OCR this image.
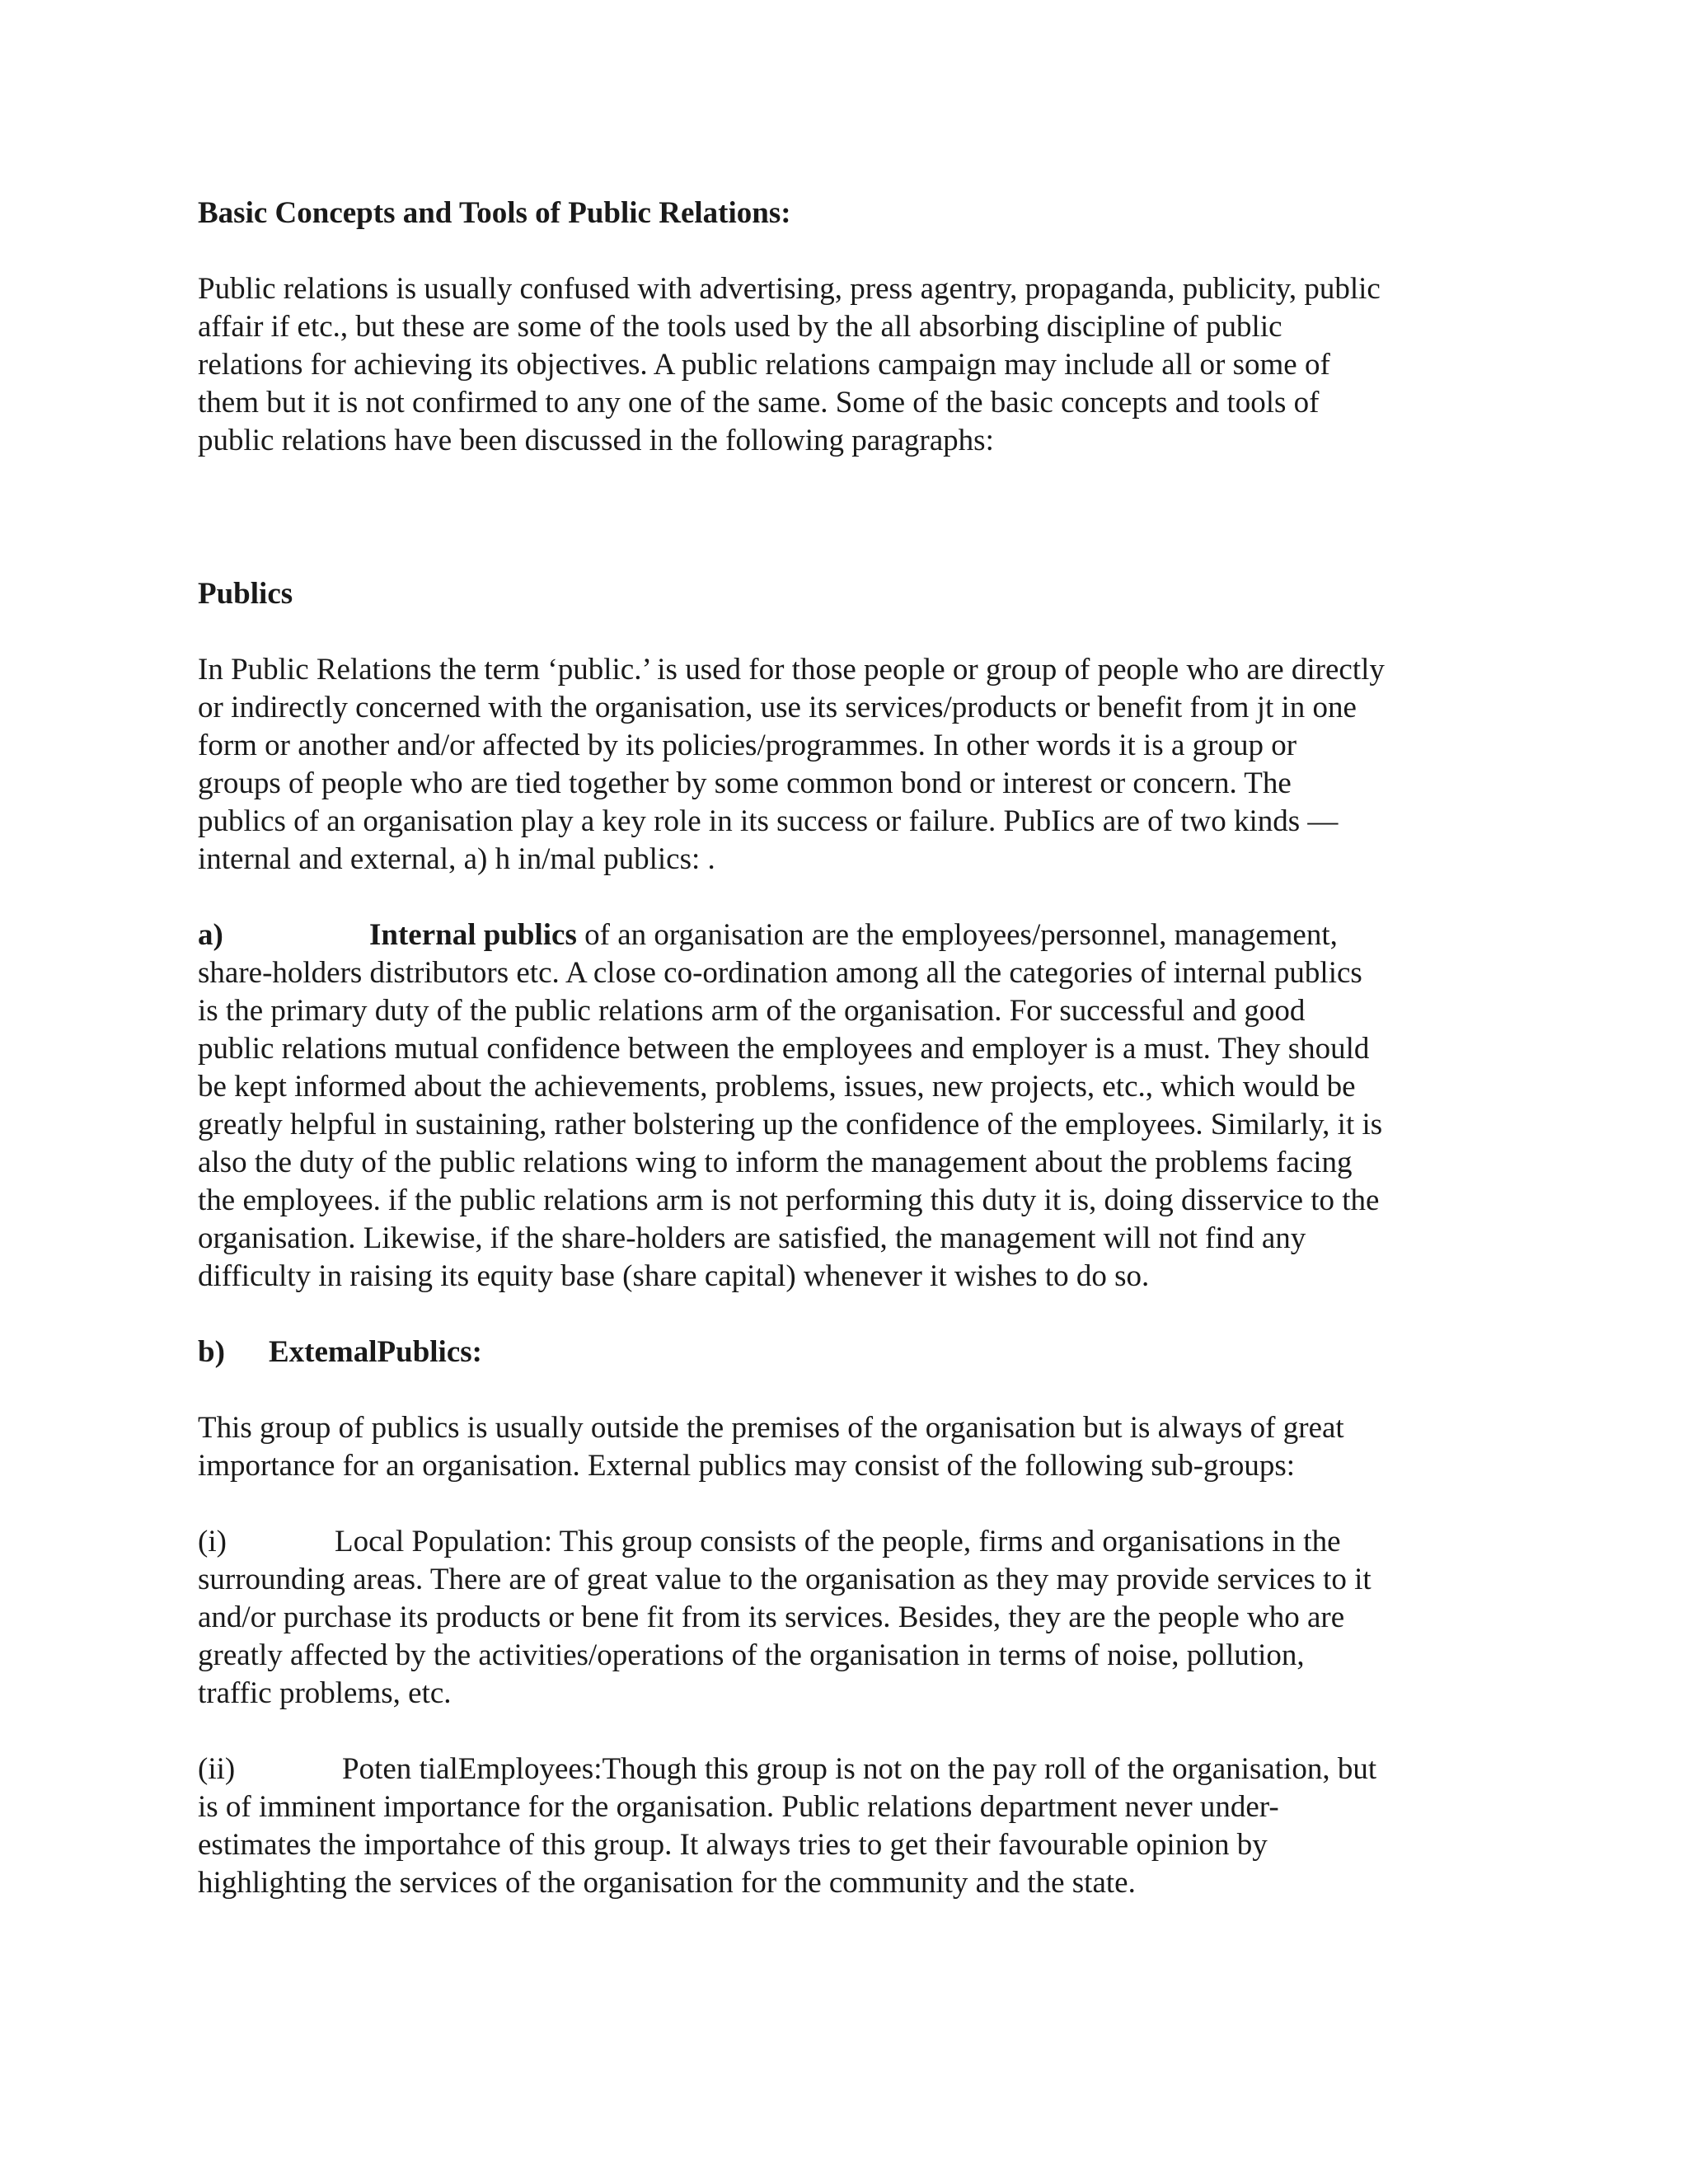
Basic Concepts and Tools of Public Relations:

Public relations is usually confused with advertising, press agentry, propaganda, publicity, public
affair if etc., but these are some of the tools used by the all absorbing discipline of public
relations for achieving its objectives. A public relations campaign may include all or some of
them but it is not confirmed to any one of the same. Some of the basic concepts and tools of
public relations have been discussed in the following paragraphs:

Publics

In Public Relations the term ‘public.’ is used for those people or group of people who are directly
or indirectly concerned with the organisation, use its services/products or benefit from jt in one
form or another and/or affected by its policies/programmes. In other words it is a group or
groups of people who are tied together by some common bond or interest or concern. The
publics of an organisation play a key role in its success or failure. PubIics are of two kinds —
internal and external, a) h in/mal publics: .

a)	Internal publics of an organisation are the employees/personnel, management,
share-holders distributors etc. A close co-ordination among all the categories of internal publics
is the primary duty of the public relations arm of the organisation. For successful and good
public relations mutual confidence between the employees and employer is a must. They should
be kept informed about the achievements, problems, issues, new projects, etc., which would be
greatly helpful in sustaining, rather bolstering up the confidence of the employees. Similarly, it is
also the duty of the public relations wing to inform the management about the problems facing
the employees. if the public relations arm is not performing this duty it is, doing disservice to the
organisation. Likewise, if the share-holders are satisfied, the management will not find any
difficulty in raising its equity base (share capital) whenever it wishes to do so.

b) ExtemalPublics:

This group of publics is usually outside the premises of the organisation but is always of great
importance for an organisation. External publics may consist of the following sub-groups:

(i)	Local Population: This group consists of the people, firms and organisations in the
surrounding areas. There are of great value to the organisation as they may provide services to it
and/or purchase its products or bene fit from its services. Besides, they are the people who are
greatly affected by the activities/operations of the organisation in terms of noise, pollution,
traffic problems, etc.

(ii)	Poten tialEmployees:Though this group is not on the pay roll of the organisation, but
is of imminent importance for the organisation. Public relations department never under-
estimates the importahce of this group. It always tries to get their favourable opinion by
highlighting the services of the organisation for the community and the state.
